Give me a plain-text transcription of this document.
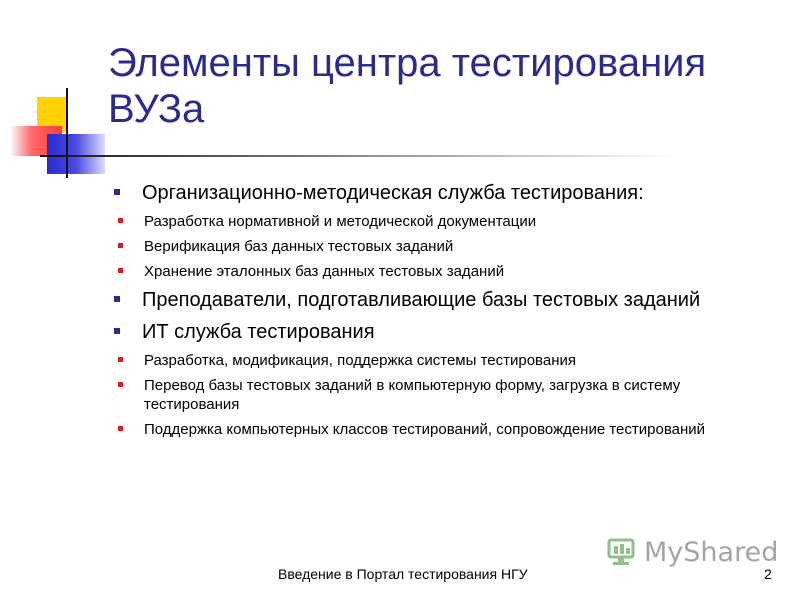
Элементы центра тестирования ВУЗа
Организационно-методическая служба тестирования:
Разработка нормативной и методической документации
Верификация баз данных тестовых заданий
Хранение эталонных баз данных тестовых заданий
Преподаватели, подготавливающие базы тестовых заданий
ИТ служба тестирования
Разработка, модификация, поддержка системы тестирования
Перевод базы тестовых заданий в компьютерную форму, загрузка в систему тестирования
Поддержка компьютерных классов тестирований, сопровождение тестирований
MyShared
Введение в Портал тестирования НГУ	2
